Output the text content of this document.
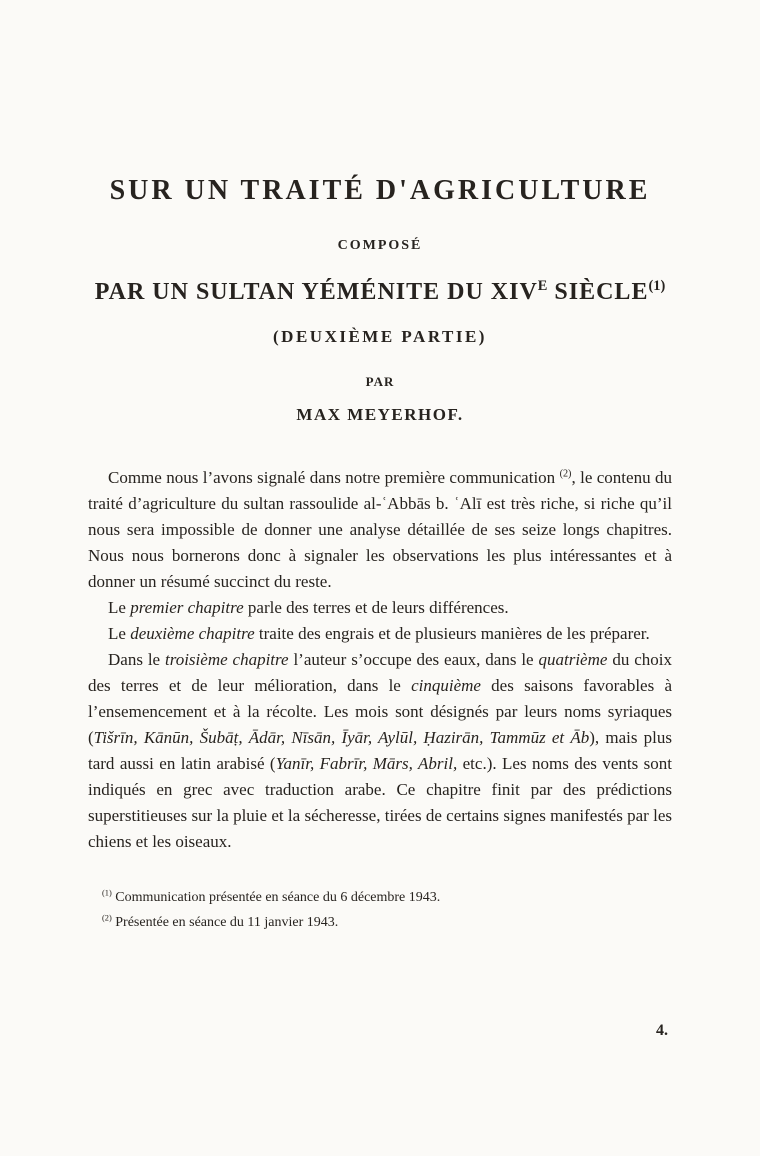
SUR UN TRAITÉ D'AGRICULTURE
COMPOSÉ
PAR UN SULTAN YÉMÉNITE DU $XIV^E$ SIÈCLE$^{(1)}$
(DEUXIÈME PARTIE)
PAR
MAX MEYERHOF.

Comme nous l’avons signalé dans notre première communication $^{(2)}$, le contenu du traité d’agriculture du sultan rassoulide al-ʿAbbās b. ʿAlī est très riche, si riche qu’il nous sera impossible de donner une analyse détaillée de ses seize longs chapitres. Nous nous bornerons donc à signaler les observations les plus intéressantes et à donner un résumé succinct du reste.

Le premier chapitre parle des terres et de leurs différences.

Le deuxième chapitre traite des engrais et de plusieurs manières de les préparer.

Dans le troisième chapitre l’auteur s’occupe des eaux, dans le quatrième du choix des terres et de leur mélioration, dans le cinquième des saisons favorables à l’ensemencement et à la récolte. Les mois sont désignés par leurs noms syriaques (Tišrīn, Kānūn, Šubāṭ, Ādār, Nīsān, Īyār, Aylūl, Ḥazirān, Tammūz et Āb), mais plus tard aussi en latin arabisé (Yanīr, Fabrīr, Mārs, Abril, etc.). Les noms des vents sont indiqués en grec avec traduction arabe. Ce chapitre finit par des prédictions superstitieuses sur la pluie et la sécheresse, tirées de certains signes manifestés par les chiens et les oiseaux.

$^{(1)}$ Communication présentée en séance du 6 décembre 1943.

$^{(2)}$ Présentée en séance du 11 janvier 1943.

4.
